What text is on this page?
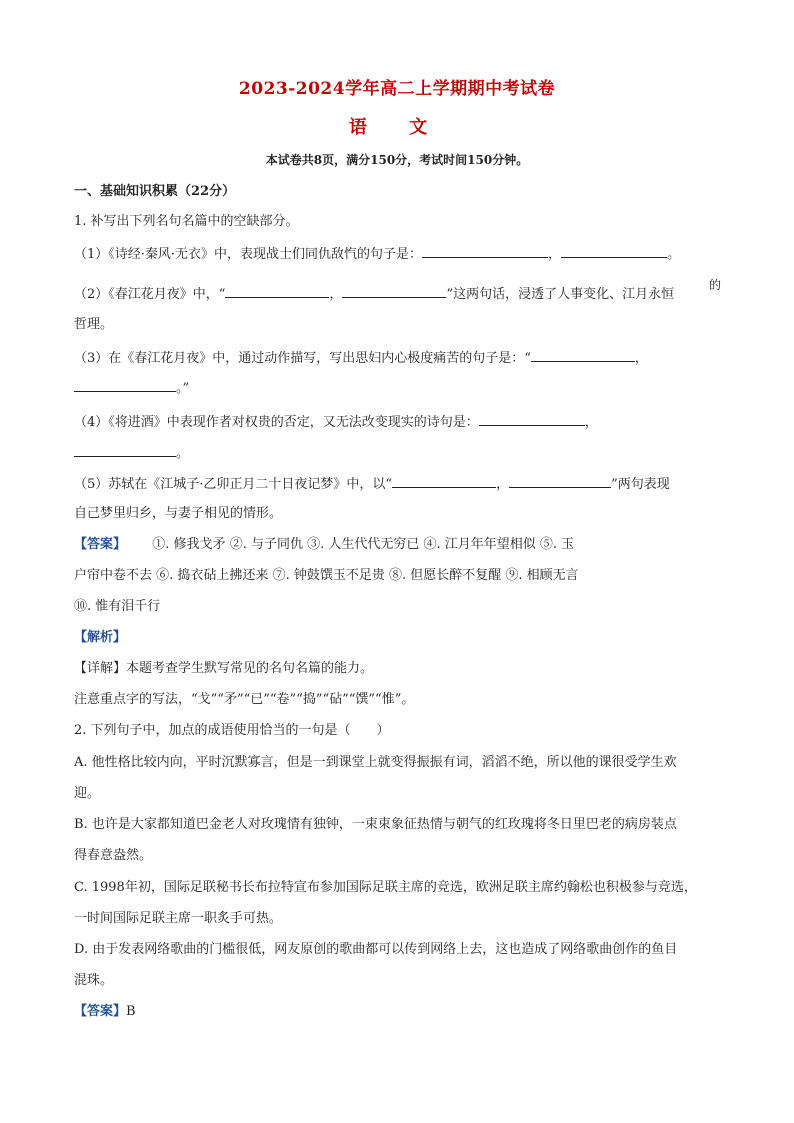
2023-2024学年高二上学期期中考试卷
语 文
本试卷共8页，满分150分，考试时间150分钟。
一、基础知识积累（22分）
1. 补写出下列名句名篇中的空缺部分。
（1）《诗经·秦风·无衣》中，表现战士们同仇敌忾的句子是：	，	。
（2）《春江花月夜》中，“	，	”这两句话，浸透了人事变化、江月永恒
的
哲理。
（3）在《春江花月夜》中，通过动作描写，写出思妇内心极度痛苦的句子是：“	，
。”
（4）《将进酒》中表现作者对权贵的否定，又无法改变现实的诗句是：	，
。
（5）苏轼在《江城子·乙卯正月二十日夜记梦》中，以“	，	”两句表现
自己梦里归乡，与妻子相见的情形。
【答案】 ①. 修我戈矛 ②. 与子同仇 ③. 人生代代无穷已 ④. 江月年年望相似 ⑤. 玉
户帘中卷不去 ⑥. 捣衣砧上拂还来 ⑦. 钟鼓馔玉不足贵 ⑧. 但愿长醉不复醒 ⑨. 相顾无言
⑩. 惟有泪千行
【解析】
【详解】本题考查学生默写常见的名句名篇的能力。
注意重点字的写法，“戈”“矛”“已”“卷”“捣”“砧”“馔”“惟”。
2. 下列句子中，加点的成语使用恰当的一句是（　　）
A. 他性格比较内向，平时沉默寡言，但是一到课堂上就变得振振有词，滔滔不绝，所以他的课很受学生欢
迎。
B. 也许是大家都知道巴金老人对玫瑰情有独钟，一束束象征热情与朝气的红玫瑰将冬日里巴老的病房装点
得春意盎然。
C. 1998年初，国际足联秘书长布拉特宣布参加国际足联主席的竞选，欧洲足联主席约翰松也积极参与竞选，
一时间国际足联主席一职炙手可热。
D. 由于发表网络歌曲的门槛很低，网友原创的歌曲都可以传到网络上去，这也造成了网络歌曲创作的鱼目
混珠。
【答案】B
